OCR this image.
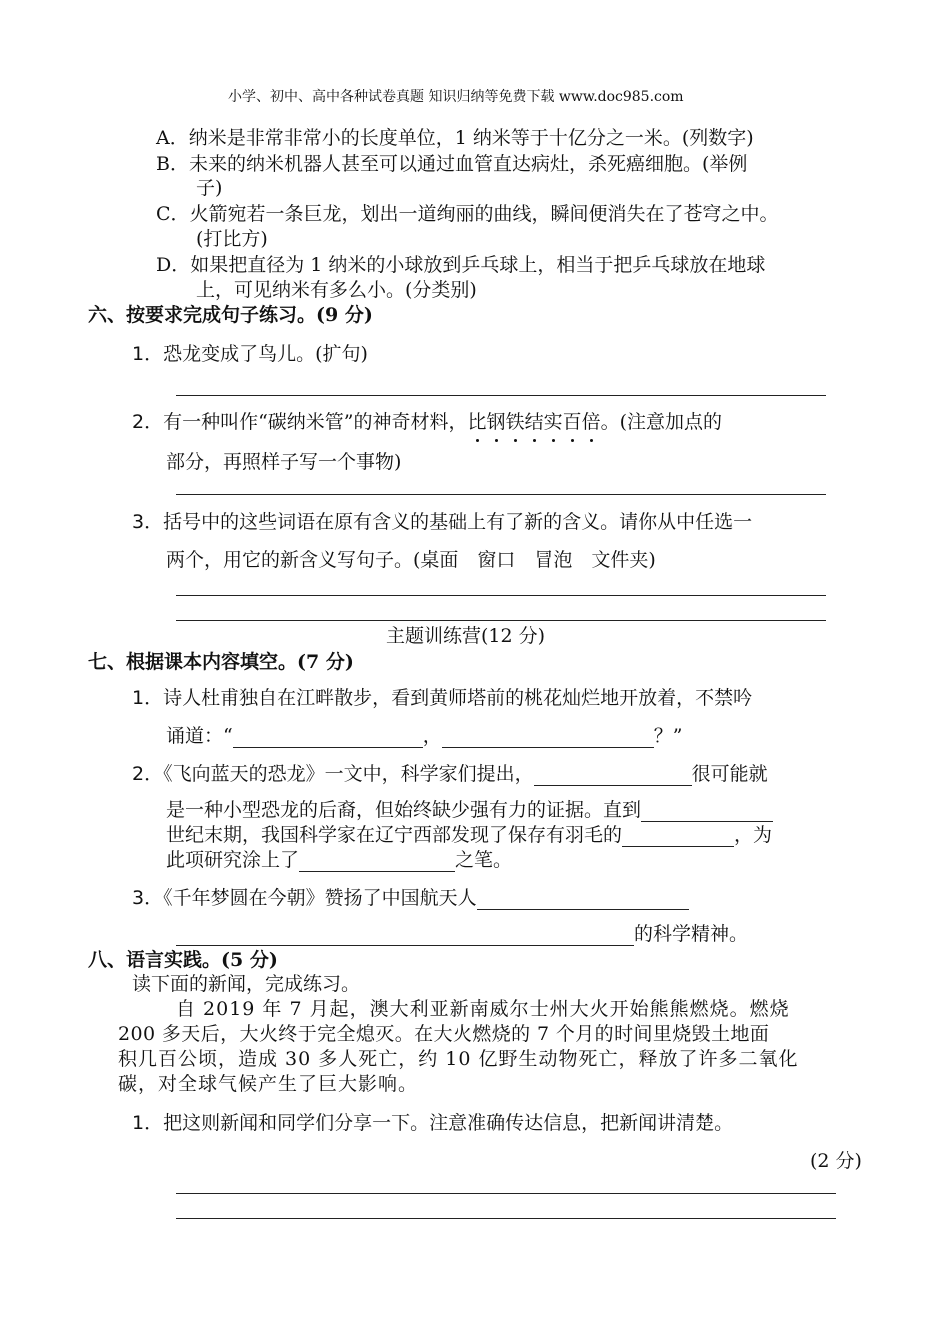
小学、初中、高中各种试卷真题 知识归纳等免费下载 www.doc985.com
A．纳米是非常非常小的长度单位，1 纳米等于十亿分之一米。(列数字)
B．未来的纳米机器人甚至可以通过血管直达病灶，杀死癌细胞。(举例
子)
C．火箭宛若一条巨龙，划出一道绚丽的曲线，瞬间便消失在了苍穹之中。
(打比方)
D．如果把直径为 1 纳米的小球放到乒乓球上，相当于把乒乓球放在地球
上，可见纳米有多么小。(分类别)
六、按要求完成句子练习。(9 分)
1．恐龙变成了鸟儿。(扩句)
2．有一种叫作“碳纳米管”的神奇材料，比钢铁结实百倍。(注意加点的
部分，再照样子写一个事物)
3．括号中的这些词语在原有含义的基础上有了新的含义。请你从中任选一
两个，用它的新含义写句子。(桌面　窗口　冒泡　文件夹)
主题训练营(12 分)
七、根据课本内容填空。(7 分)
1．诗人杜甫独自在江畔散步，看到黄师塔前的桃花灿烂地开放着，不禁吟
诵道：“	，	？”
2．《飞向蓝天的恐龙》一文中，科学家们提出，	很可能就
是一种小型恐龙的后裔，但始终缺少强有力的证据。直到
世纪末期，我国科学家在辽宁西部发现了保存有羽毛的	，为
此项研究涂上了	之笔。
3．《千年梦圆在今朝》赞扬了中国航天人
的科学精神。
八、语言实践。(5 分)
读下面的新闻，完成练习。
自 2019 年 7 月起，澳大利亚新南威尔士州大火开始熊熊燃烧。燃烧
200 多天后，大火终于完全熄灭。在大火燃烧的 7 个月的时间里烧毁土地面
积几百公顷，造成 30 多人死亡，约 10 亿野生动物死亡，释放了许多二氧化
碳，对全球气候产生了巨大影响。
1．把这则新闻和同学们分享一下。注意准确传达信息，把新闻讲清楚。
(2 分)
